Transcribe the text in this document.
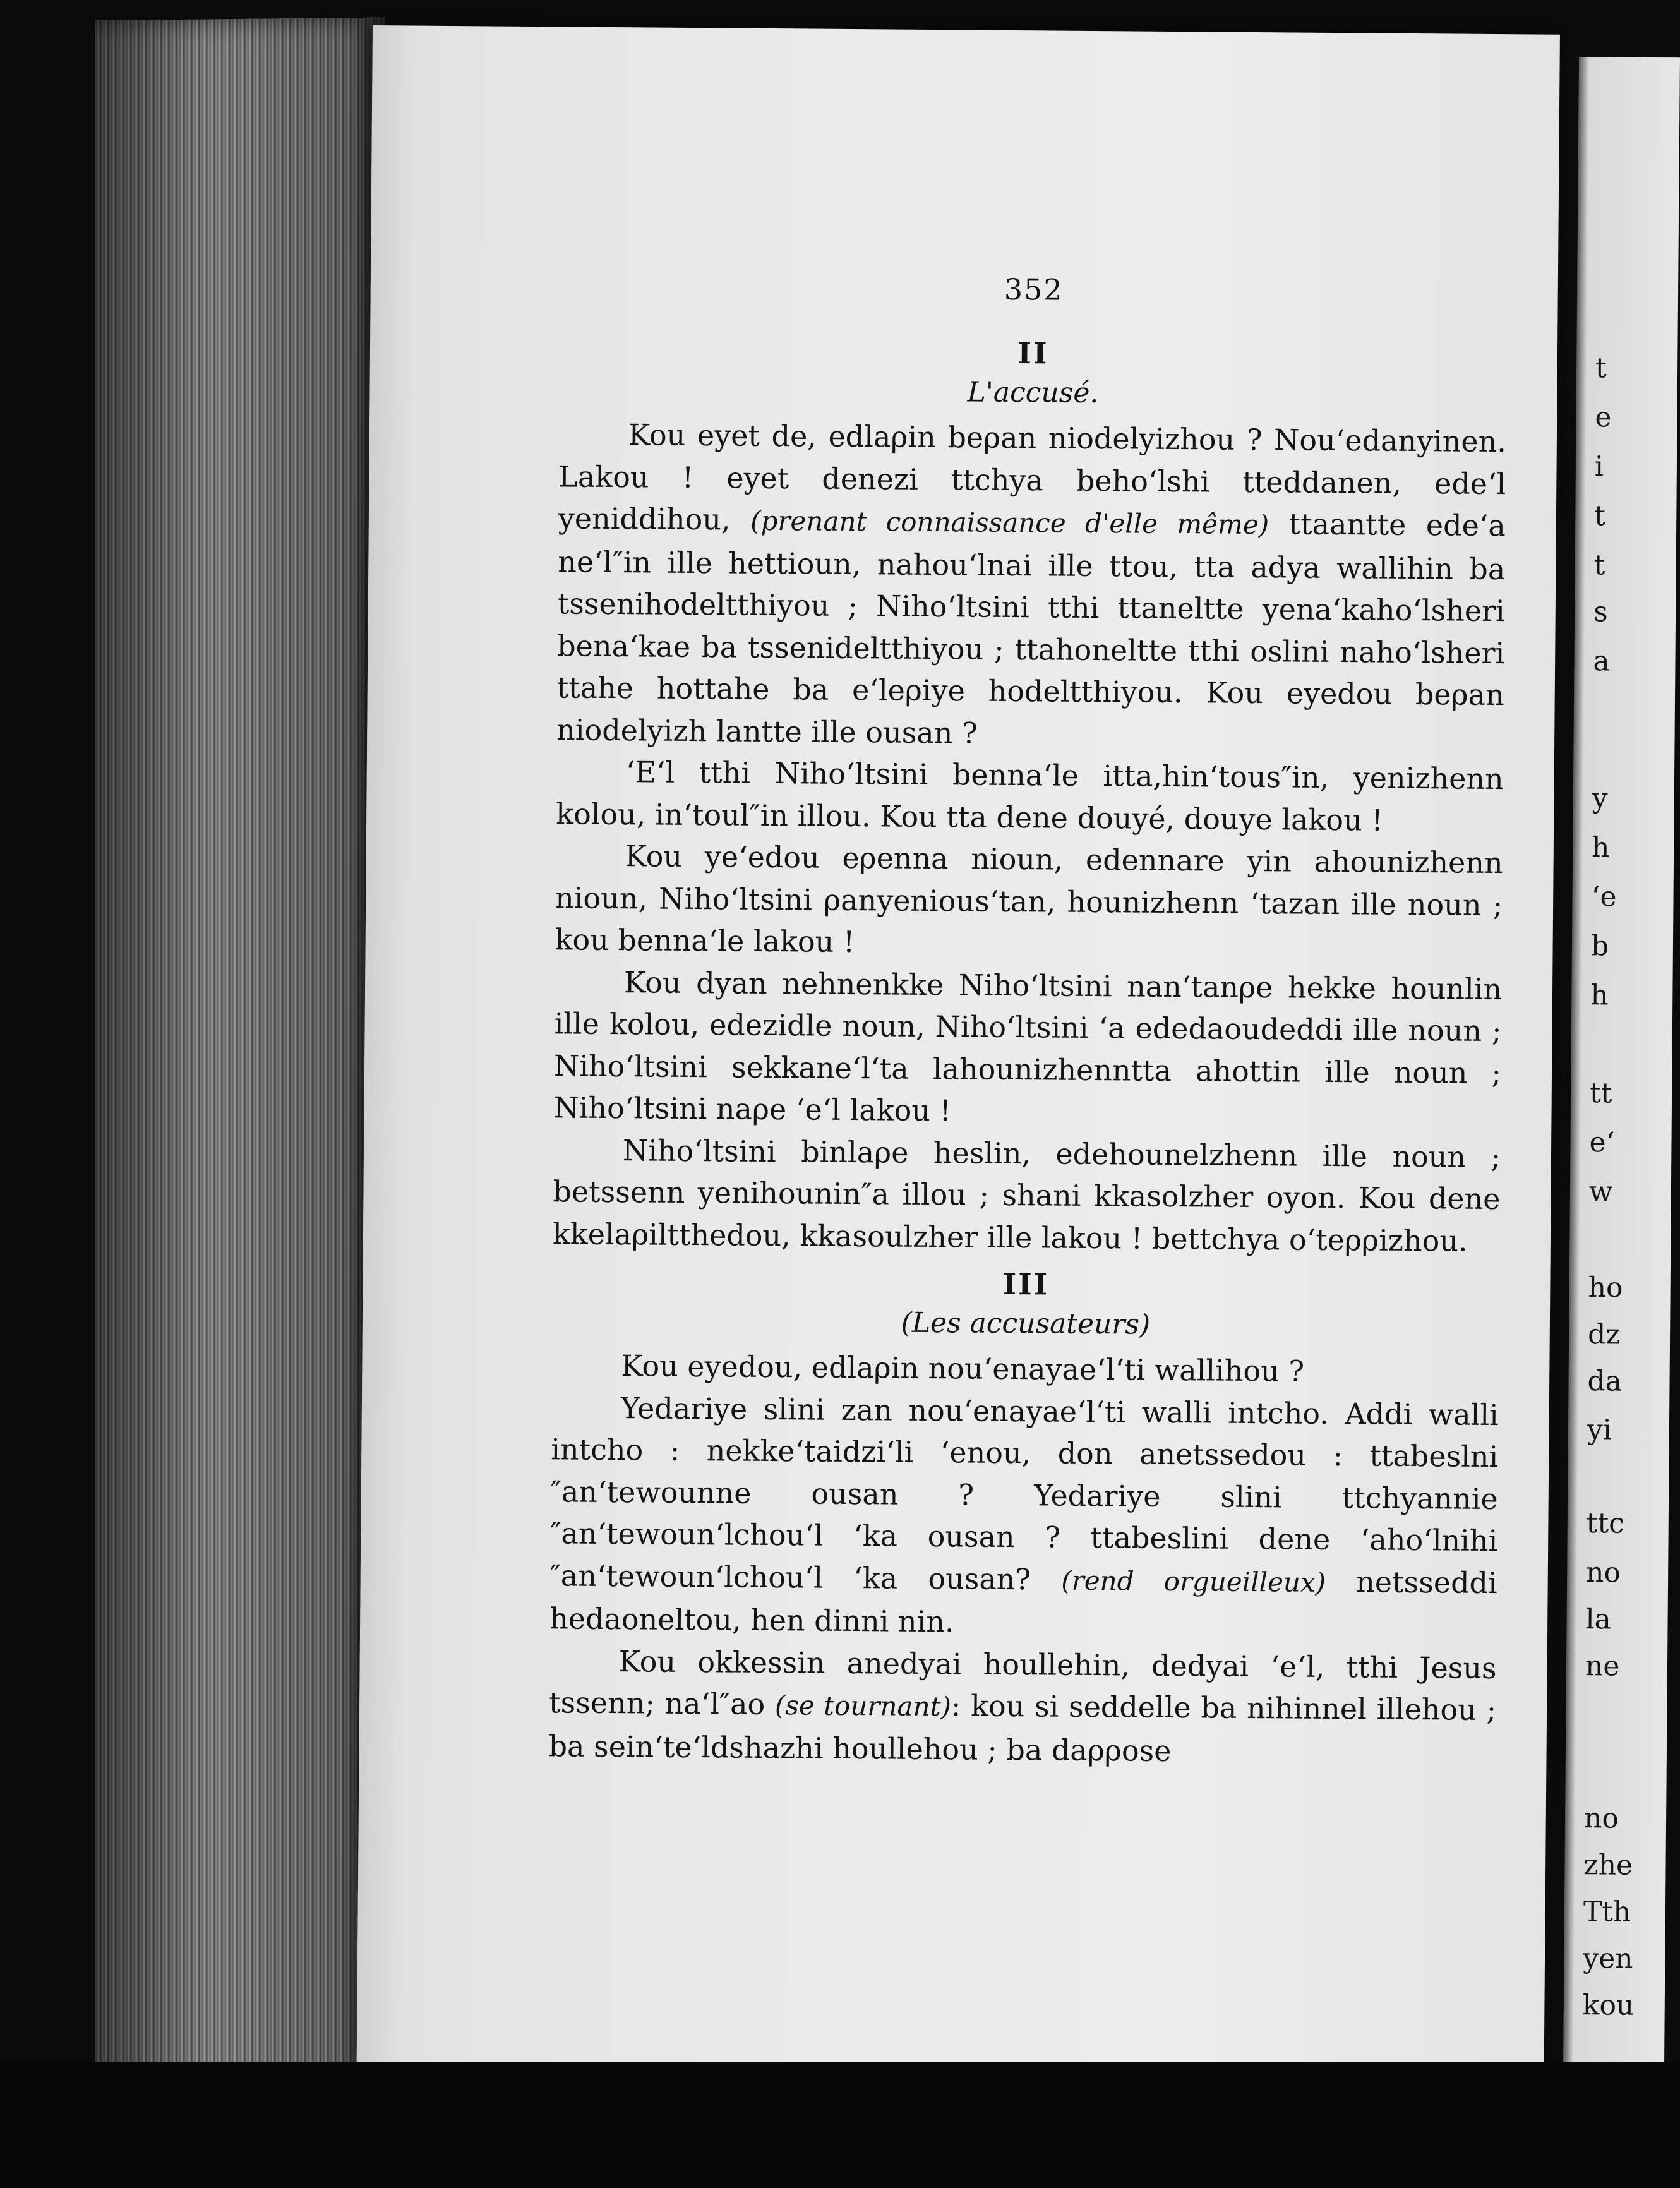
352
II
L'accusé.

Kou eyet de, edlaρin beρan niodelyizhou ? Nou‘edanyinen. Lakou ! eyet denezi ttchya beho‘lshi tteddanen, ede‘l yeniddihou, (prenant connaissance d'elle même) ttaantte ede‘a ne‘l″in ille hettioun, nahou‘lnai ille ttou, tta adya wallihin ba tssenihodeltthiyou ; Niho‘ltsini tthi ttaneltte yena‘kaho‘lsheri bena‘kae ba tssenideltthiyou ; ttahoneltte tthi oslini naho‘lsheri ttahe hottahe ba e‘leρiye hodeltthiyou. Kou eyedou beρan niodelyizh lantte ille ousan ?

‘E‘l tthi Niho‘ltsini benna‘le itta,hin‘tous″in, yenizhenn kolou, in‘toul″in illou. Kou tta dene douyé, douye lakou !

Kou ye‘edou eρenna nioun, edennare yin ahounizhenn nioun, Niho‘ltsini ρanyenious‘tan, hounizhenn ‘tazan ille noun ; kou benna‘le lakou !

Kou dyan nehnenkke Niho‘ltsini nan‘tanρe hekke hounlin ille kolou, edezidle noun, Niho‘ltsini ‘a ededaoudeddi ille noun ; Niho‘ltsini sekkane‘l‘ta lahounizhenntta ahottin ille noun ; Niho‘ltsini naρe ‘e‘l lakou !

Niho‘ltsini binlaρe heslin, edehounelzhenn ille noun ; betssenn yenihounin″a illou ; shani kkasolzher oyon. Kou dene kkelaρiltthedou, kkasoulzher ille lakou ! bettchya o‘teρρizhou.

III
(Les accusateurs)

Kou eyedou, edlaρin nou‘enayae‘l‘ti wallihou ?

Yedariye slini zan nou‘enayae‘l‘ti walli intcho. Addi walli intcho : nekke‘taidzi‘li ‘enou, don anetssedou : ttabeslni ″an‘tewounne ousan ? Yedariye slini ttchyannie ″an‘tewoun‘lchou‘l ‘ka ousan ? ttabeslini dene ‘aho‘lnihi ″an‘tewoun‘lchou‘l ‘ka ousan? (rend orgueilleux) netsseddi hedaoneltou, hen dinni nin.

Kou okkessin anedyai houllehin, dedyai ‘e‘l, tthi Jesus tssenn; na‘l″ao (se tournant): kou si seddelle ba nihinnel illehou ; ba sein‘te‘ldshazhi houllehou ; ba daρρose

t
e
i
t
t
s
a
y
h
‘e
b
h
tt
e‘
w
ho
dz
da
yi
ttc
no
la
ne
no
zhe
Tth
yen
kou
